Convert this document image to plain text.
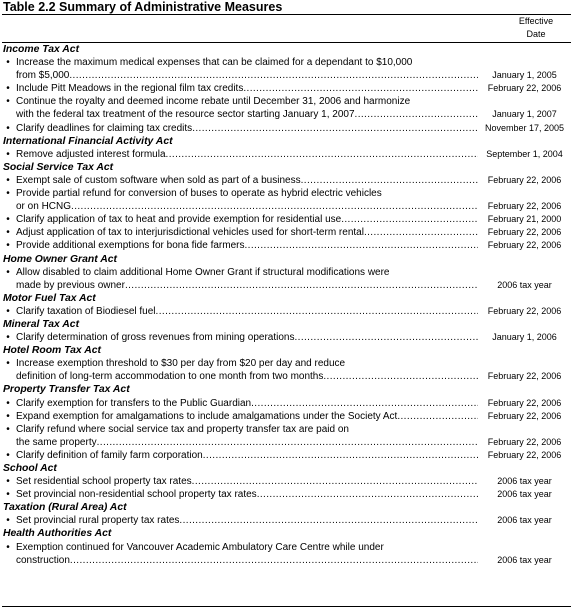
Table 2.2 Summary of Administrative Measures
Effective
Date
Income Tax Act
• Increase the maximum medical expenses that can be claimed for a dependant to $10,000
from $5,000 .....	January 1, 2005
• Include Pitt Meadows in the regional film tax credits .....	February 22, 2006
• Continue the royalty and deemed income rebate until December 31, 2006 and harmonize
with the federal tax treatment of the resource sector starting January 1, 2007 .....	January 1, 2007
• Clarify deadlines for claiming tax credits .....	November 17, 2005
International Financial Activity Act
• Remove adjusted interest formula .....	September 1, 2004
Social Service Tax Act
• Exempt sale of custom software when sold as part of a business .....	February 22, 2006
• Provide partial refund for conversion of buses to operate as hybrid electric vehicles
or on HCNG .....	February 22, 2006
• Clarify application of tax to heat and provide exemption for residential use .....	February 21, 2000
• Adjust application of tax to interjurisdictional vehicles used for short-term rental .....	February 22, 2006
• Provide additional exemptions for bona fide farmers .....	February 22, 2006
Home Owner Grant Act
• Allow disabled to claim additional Home Owner Grant if structural modifications were
made by previous owner .....	2006 tax year
Motor Fuel Tax Act
• Clarify taxation of Biodiesel fuel .....	February 22, 2006
Mineral Tax Act
• Clarify determination of gross revenues from mining operations .....	January 1, 2006
Hotel Room Tax Act
• Increase exemption threshold to $30 per day from $20 per day and reduce
definition of long-term accommodation to one month from two months .....	February 22, 2006
Property Transfer Tax Act
• Clarify exemption for transfers to the Public Guardian .....	February 22, 2006
• Expand exemption for amalgamations to include amalgamations under the Society Act .....	February 22, 2006
• Clarify refund where social service tax and property transfer tax are paid on
the same property .....	February 22, 2006
• Clarify definition of family farm corporation .....	February 22, 2006
School Act
• Set residential school property tax rates .....	2006 tax year
• Set provincial non-residential school property tax rates .....	2006 tax year
Taxation (Rural Area) Act
• Set provincial rural property tax rates .....	2006 tax year
Health Authorities Act
• Exemption continued for Vancouver Academic Ambulatory Care Centre while under
construction .....	2006 tax year
